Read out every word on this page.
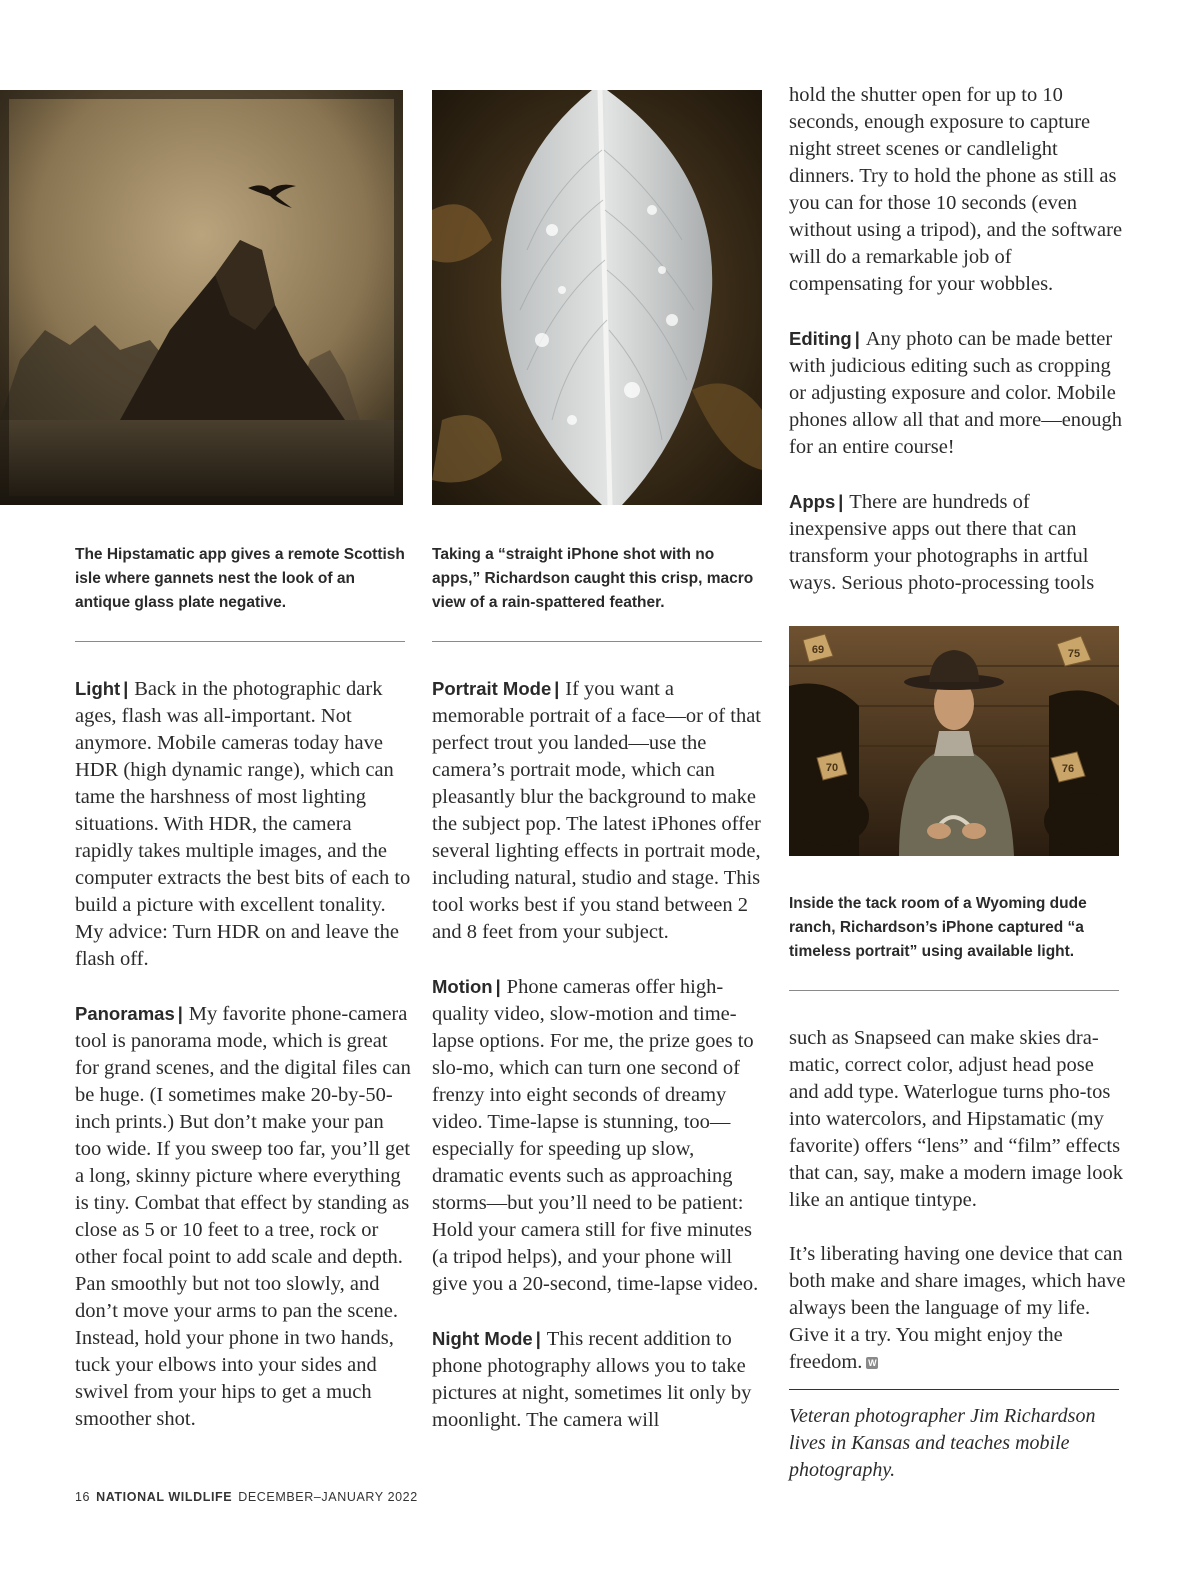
The Hipstamatic app gives a remote Scottish isle where gannets nest the look of an antique glass plate negative.

Taking a “straight iPhone shot with no apps,” Richardson caught this crisp, macro view of a rain-spattered feather.

Light | Back in the photographic dark ages, flash was all-important. Not anymore. Mobile cameras today have HDR (high dynamic range), which can tame the harshness of most lighting situations. With HDR, the camera rapidly takes multiple images, and the computer extracts the best bits of each to build a picture with excellent tonality. My advice: Turn HDR on and leave the flash off.

Panoramas | My favorite phone-camera tool is panorama mode, which is great for grand scenes, and the digital files can be huge. (I sometimes make 20-by-50-inch prints.) But don’t make your pan too wide. If you sweep too far, you’ll get a long, skinny picture where everything is tiny. Combat that effect by standing as close as 5 or 10 feet to a tree, rock or other focal point to add scale and depth. Pan smoothly but not too slowly, and don’t move your arms to pan the scene. Instead, hold your phone in two hands, tuck your elbows into your sides and swivel from your hips to get a much smoother shot.

Portrait Mode | If you want a memorable portrait of a face—or of that perfect trout you landed—use the camera’s portrait mode, which can pleasantly blur the background to make the subject pop. The latest iPhones offer several lighting effects in portrait mode, including natural, studio and stage. This tool works best if you stand between 2 and 8 feet from your subject.

Motion | Phone cameras offer high-quality video, slow-motion and time-lapse options. For me, the prize goes to slo-mo, which can turn one second of frenzy into eight seconds of dreamy video. Time-lapse is stunning, too—especially for speeding up slow, dramatic events such as approaching storms—but you’ll need to be patient: Hold your camera still for five minutes (a tripod helps), and your phone will give you a 20-second, time-lapse video.

Night Mode | This recent addition to phone photography allows you to take pictures at night, sometimes lit only by moonlight. The camera will

hold the shutter open for up to 10 seconds, enough exposure to capture night street scenes or candlelight dinners. Try to hold the phone as still as you can for those 10 seconds (even without using a tripod), and the software will do a remarkable job of compensating for your wobbles.

Editing | Any photo can be made better with judicious editing such as cropping or adjusting exposure and color. Mobile phones allow all that and more—enough for an entire course!

Apps | There are hundreds of inexpensive apps out there that can transform your photographs in artful ways. Serious photo-processing tools

69	75
70	76

Inside the tack room of a Wyoming dude ranch, Richardson’s iPhone captured “a timeless portrait” using available light.

such as Snapseed can make skies dra-matic, correct color, adjust head pose and add type. Waterlogue turns pho-tos into watercolors, and Hipstamatic (my favorite) offers “lens” and “film” effects that can, say, make a modern image look like an antique tintype.

It’s liberating having one device that can both make and share images, which have always been the language of my life. Give it a try. You might enjoy the freedom. W

Veteran photographer Jim Richardson lives in Kansas and teaches mobile photography.

16 NATIONAL WILDLIFE DECEMBER–JANUARY 2022
